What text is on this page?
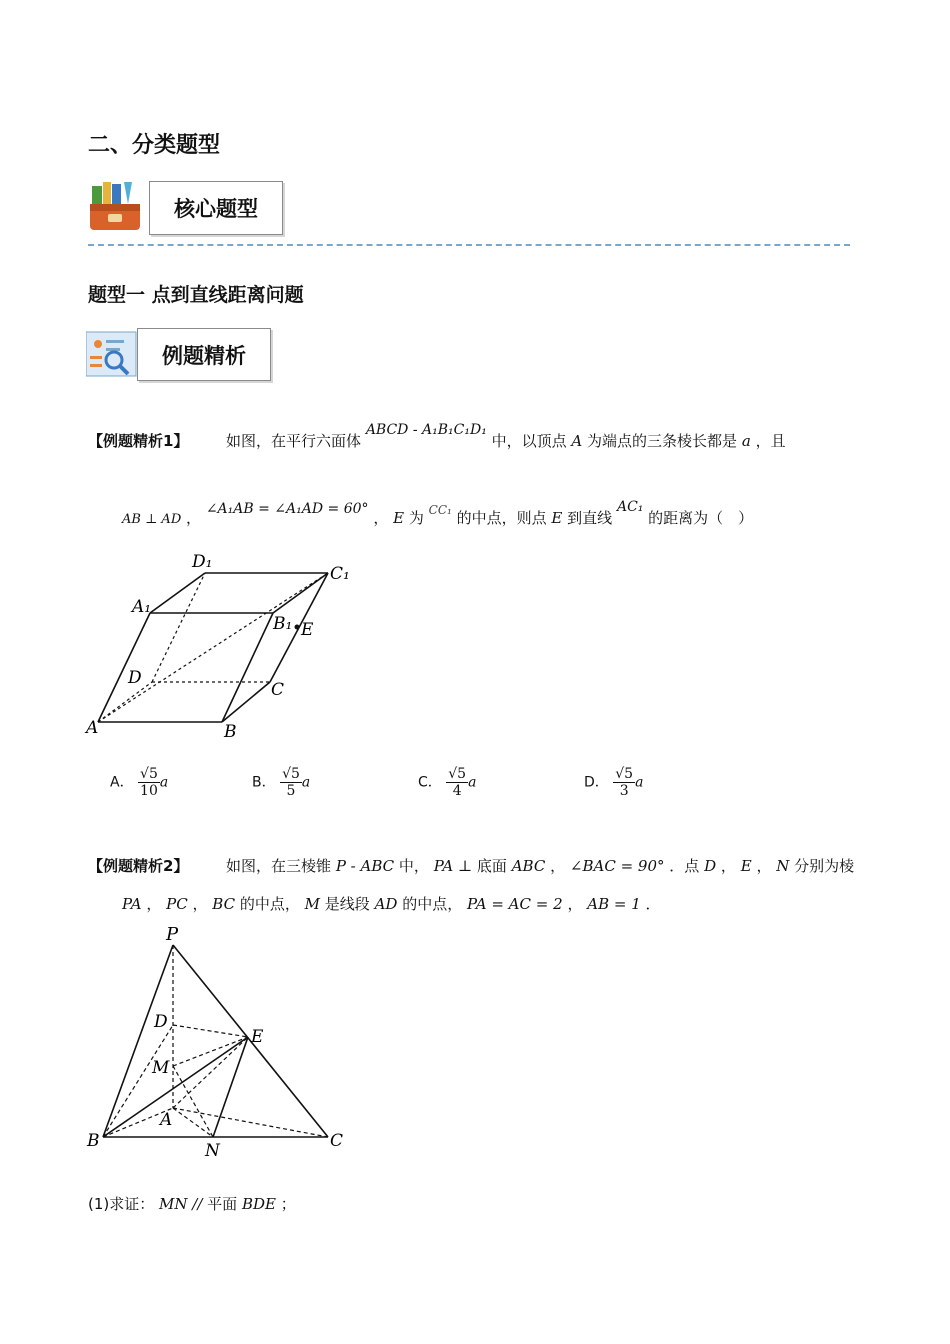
二、分类题型
核心题型
题型一 点到直线距离问题
例题精析
【例题精析1】	如图，在平行六面体 ABCD - A₁B₁C₁D₁ 中，以顶点 A 为端点的三条棱长都是 a ，且
AB ⊥ AD ， ∠A₁AB = ∠A₁AD = 60° ， E 为 $^{CC_1}$ 的中点，则点 E 到直线 AC₁ 的距离为（　）
D₁
C₁
A₁
B₁ E
D
C
A	B
A． $\frac{√5}{10}$ a	B． $\frac{√5}{5}$ a	C． $\frac{√5}{4}$ a	D． $\frac{√5}{3}$ a
【例题精析2】	如图，在三棱锥 P - ABC 中， PA ⊥ 底面 ABC ， ∠BAC = 90° ．点 D ， E ， N 分别为棱
PA ， PC ， BC 的中点， M 是线段 AD 的中点， PA = AC = 2 ， AB = 1 ．
P
D
E
M
A
B	N	C
(1)求证： MN // 平面 BDE ；
